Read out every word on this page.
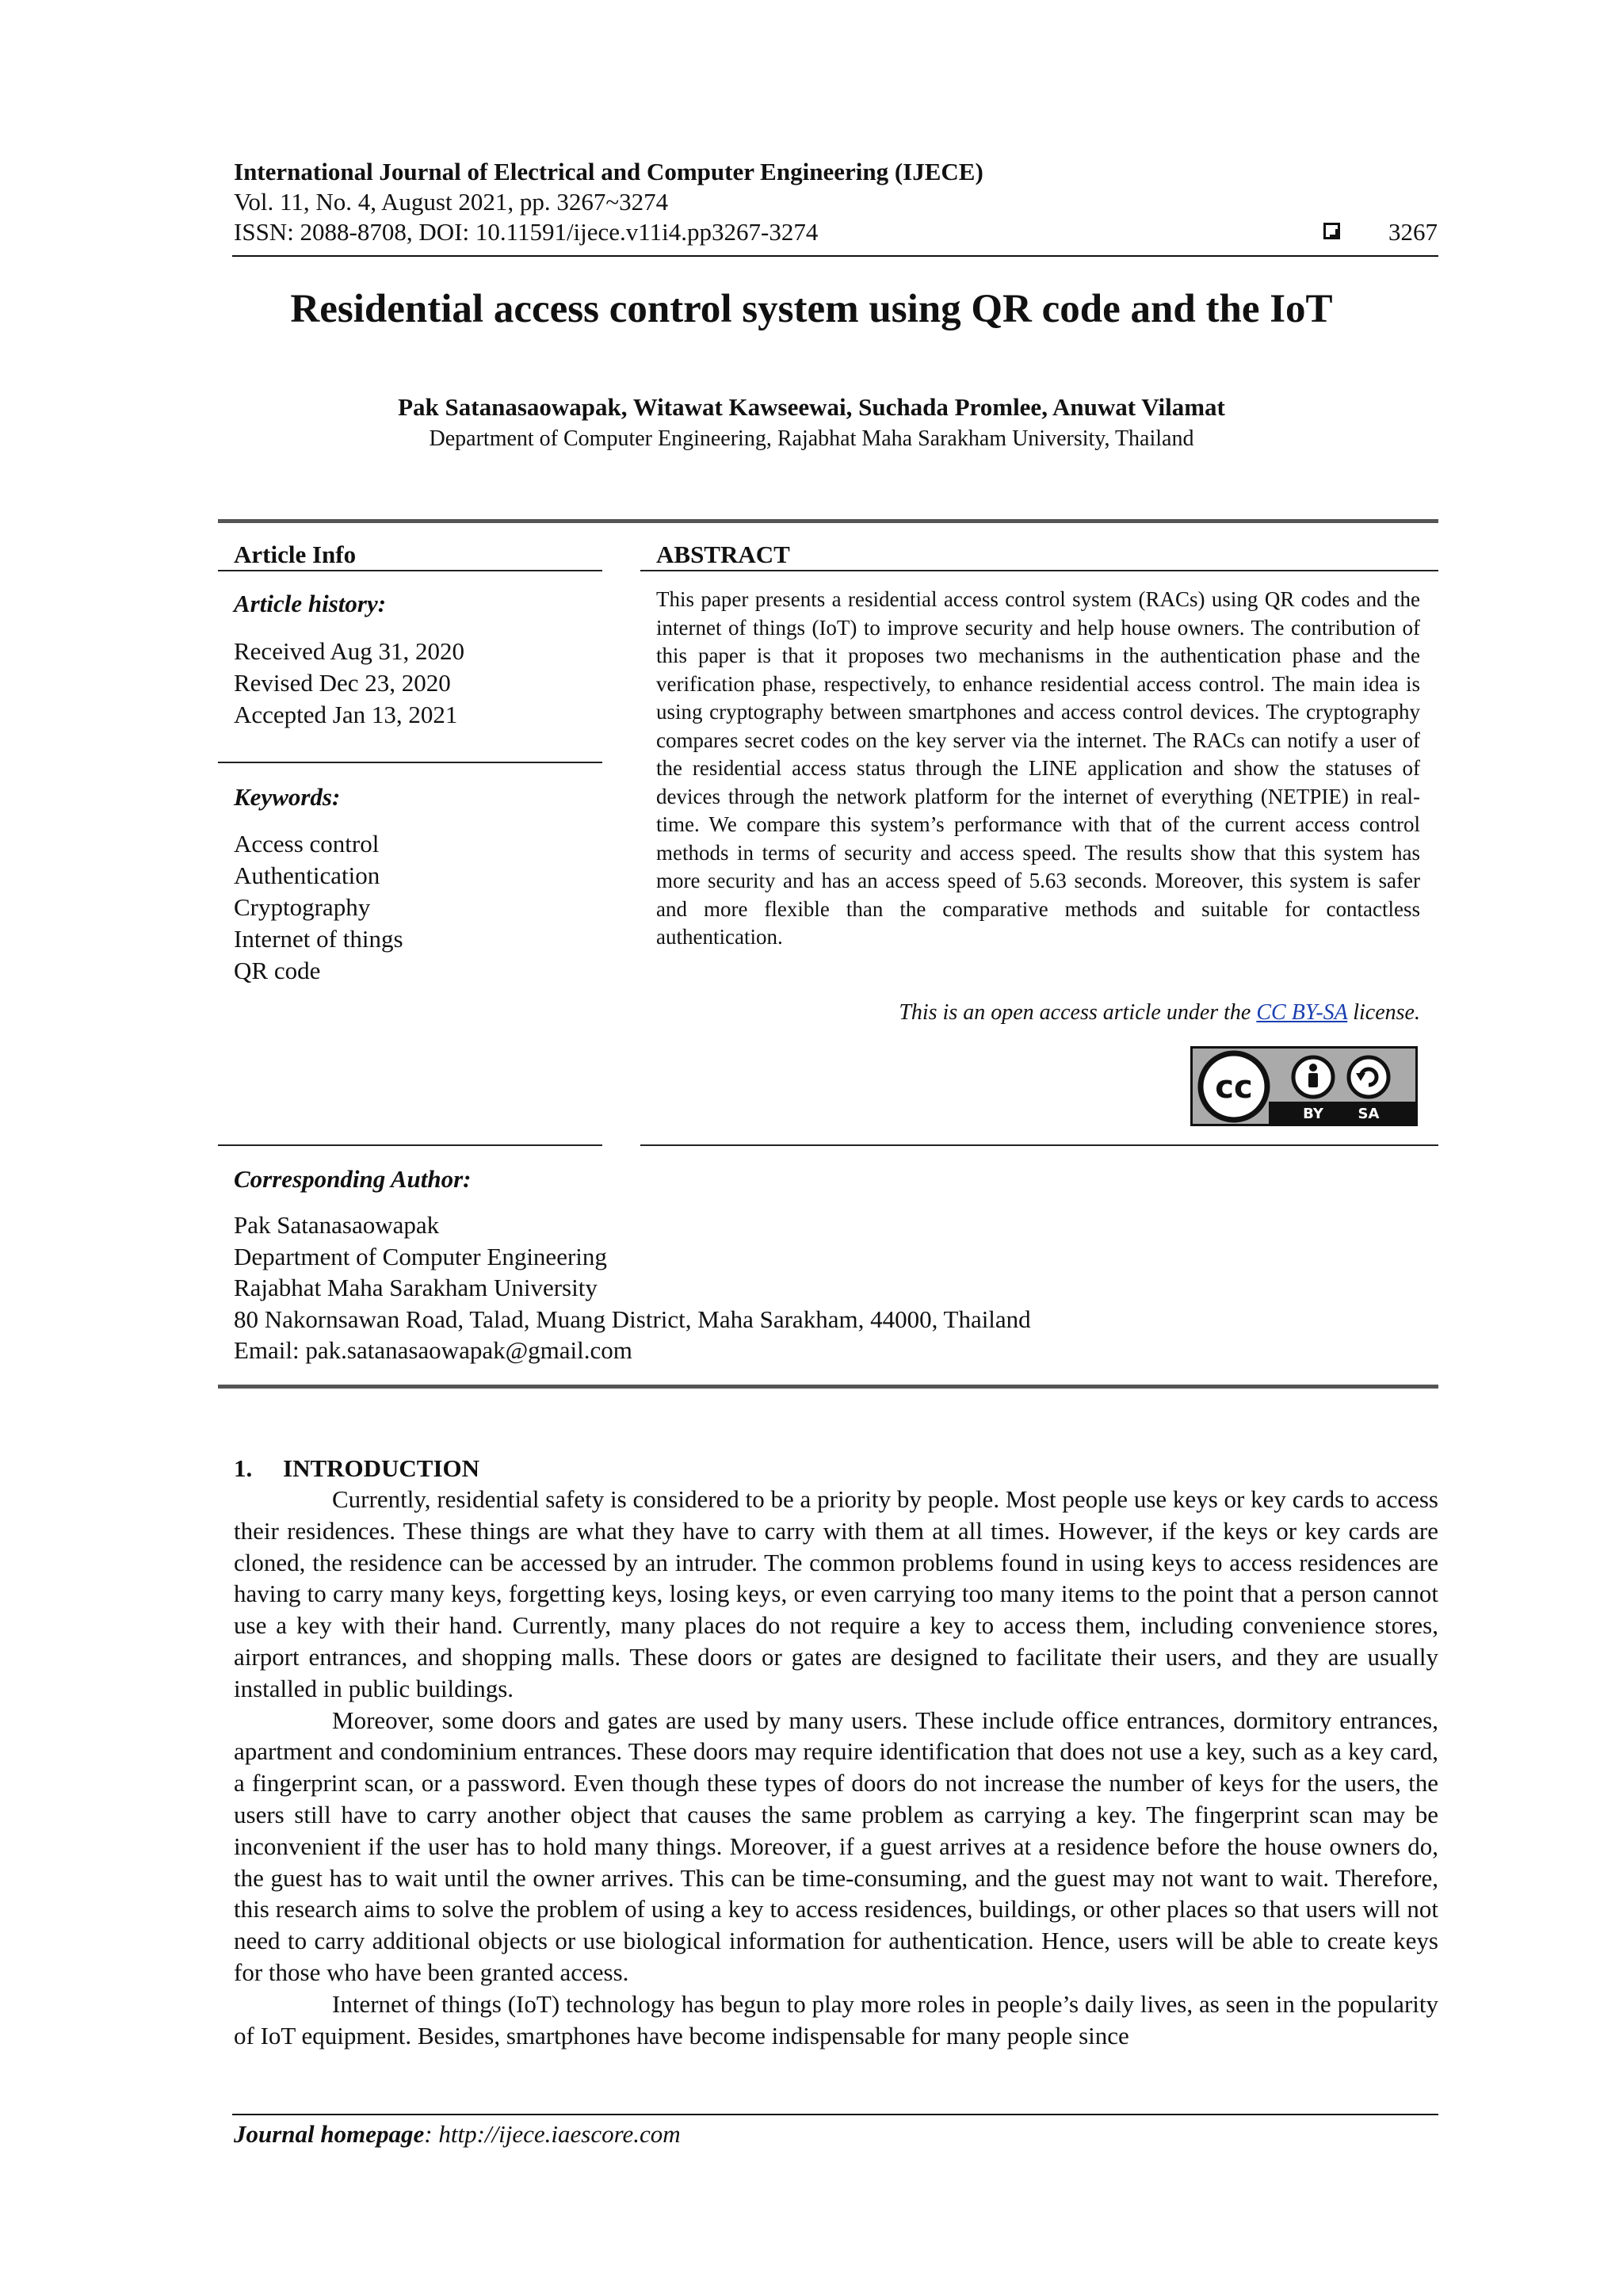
International Journal of Electrical and Computer Engineering (IJECE)
Vol. 11, No. 4, August 2021, pp. 3267~3274
ISSN: 2088-8708, DOI: 10.11591/ijece.v11i4.pp3267-3274	3267
Residential access control system using QR code and the IoT
Pak Satanasaowapak, Witawat Kawseewai, Suchada Promlee, Anuwat Vilamat
Department of Computer Engineering, Rajabhat Maha Sarakham University, Thailand
Article Info
Article history:
Received Aug 31, 2020
Revised Dec 23, 2020
Accepted Jan 13, 2021
Keywords:
Access control
Authentication
Cryptography
Internet of things
QR code
ABSTRACT

This paper presents a residential access control system (RACs) using QR codes and the internet of things (IoT) to improve security and help house owners. The contribution of this paper is that it proposes two mechanisms in the authentication phase and the verification phase, respectively, to enhance residential access control. The main idea is using cryptography between smartphones and access control devices. The cryptography compares secret codes on the key server via the internet. The RACs can notify a user of the residential access status through the LINE application and show the statuses of devices through the network platform for the internet of everything (NETPIE) in real-time. We compare this system’s performance with that of the current access control methods in terms of security and access speed. The results show that this system has more security and has an access speed of 5.63 seconds. Moreover, this system is safer and more flexible than the comparative methods and suitable for contactless authentication.

This is an open access article under the CC BY-SA license.
cc
BY SA
Corresponding Author:
Pak Satanasaowapak
Department of Computer Engineering
Rajabhat Maha Sarakham University
80 Nakornsawan Road, Talad, Muang District, Maha Sarakham, 44000, Thailand
Email: pak.satanasaowapak@gmail.com
1.     INTRODUCTION
Currently, residential safety is considered to be a priority by people. Most people use keys or key cards to access their residences. These things are what they have to carry with them at all times. However, if the keys or key cards are cloned, the residence can be accessed by an intruder. The common problems found in using keys to access residences are having to carry many keys, forgetting keys, losing keys, or even carrying too many items to the point that a person cannot use a key with their hand. Currently, many places do not require a key to access them, including convenience stores, airport entrances, and shopping malls. These doors or gates are designed to facilitate their users, and they are usually installed in public buildings.
Moreover, some doors and gates are used by many users. These include office entrances, dormitory entrances, apartment and condominium entrances. These doors may require identification that does not use a key, such as a key card, a fingerprint scan, or a password. Even though these types of doors do not increase the number of keys for the users, the users still have to carry another object that causes the same problem as carrying a key. The fingerprint scan may be inconvenient if the user has to hold many things. Moreover, if a guest arrives at a residence before the house owners do, the guest has to wait until the owner arrives. This can be time-consuming, and the guest may not want to wait. Therefore, this research aims to solve the problem of using a key to access residences, buildings, or other places so that users will not need to carry additional objects or use biological information for authentication. Hence, users will be able to create keys for those who have been granted access.
Internet of things (IoT) technology has begun to play more roles in people’s daily lives, as seen in the popularity of IoT equipment. Besides, smartphones have become indispensable for many people since
Journal homepage: http://ijece.iaescore.com
